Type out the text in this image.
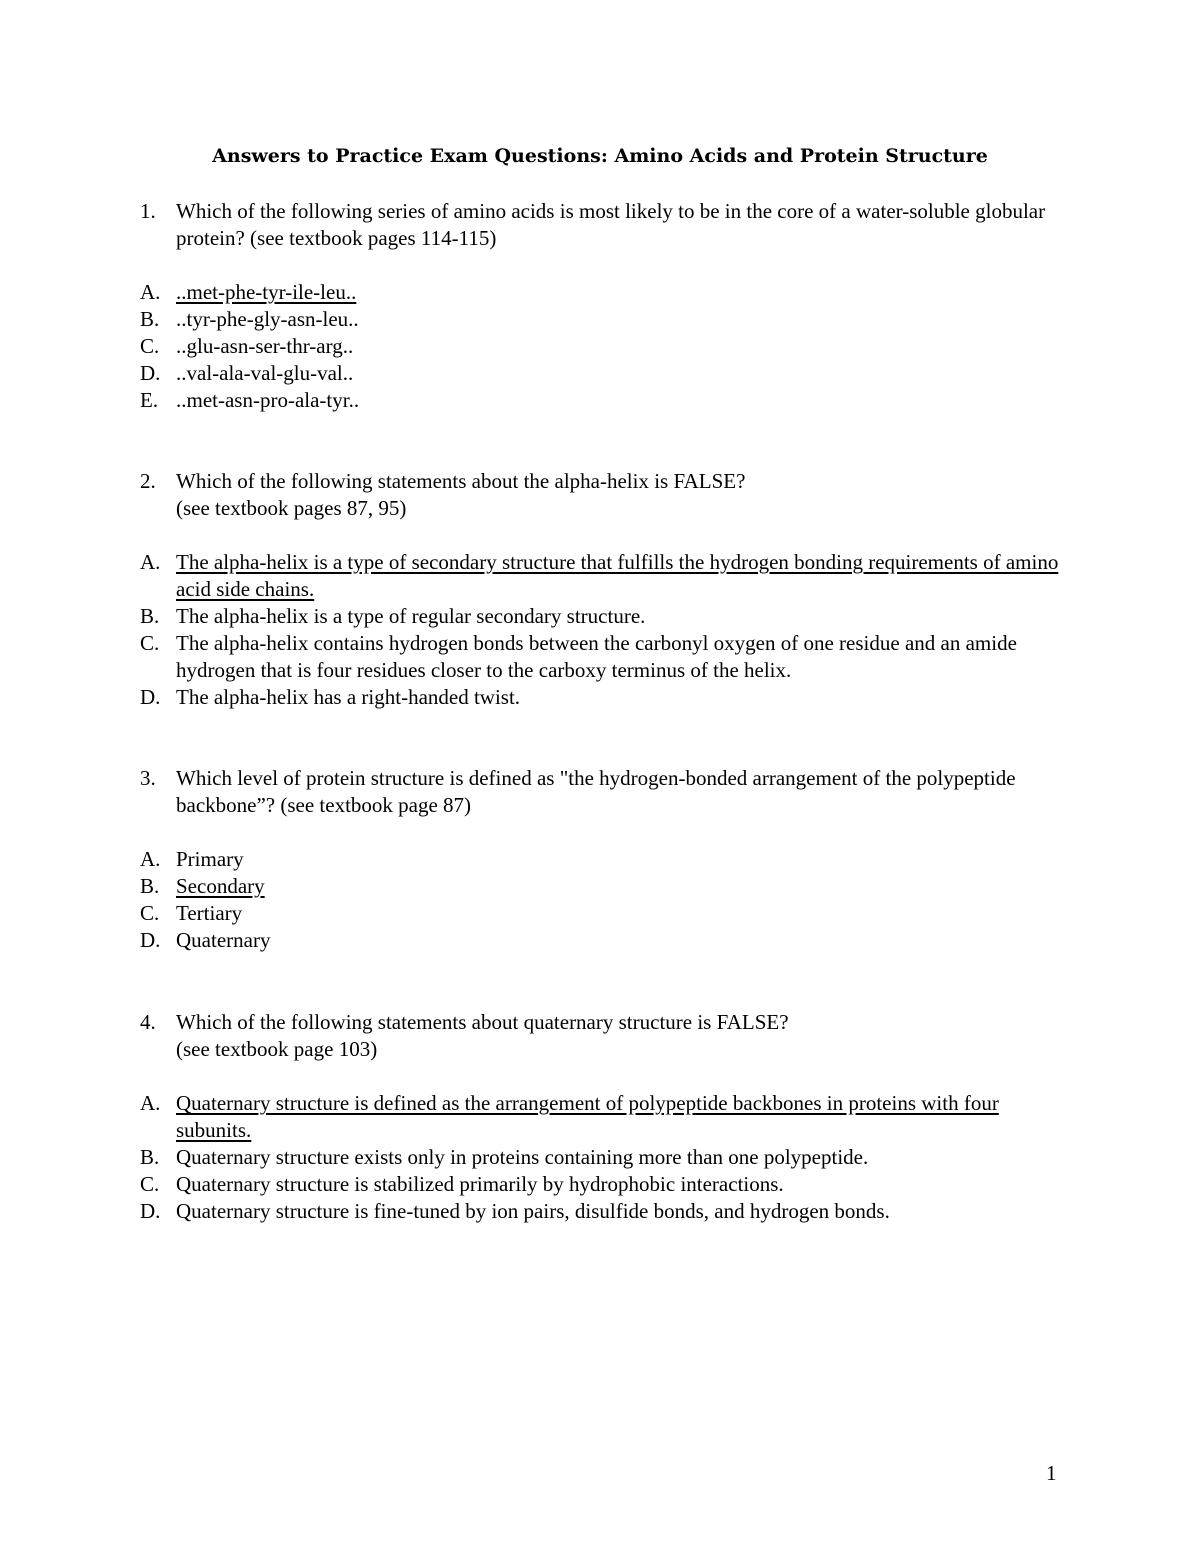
Answers to Practice Exam Questions: Amino Acids and Protein Structure
1. Which of the following series of amino acids is most likely to be in the core of a water-soluble globular protein? (see textbook pages 114-115)
A. ..met-phe-tyr-ile-leu..
B. ..tyr-phe-gly-asn-leu..
C. ..glu-asn-ser-thr-arg..
D. ..val-ala-val-glu-val..
E. ..met-asn-pro-ala-tyr..
2. Which of the following statements about the alpha-helix is FALSE?
(see textbook pages 87, 95)
A. The alpha-helix is a type of secondary structure that fulfills the hydrogen bonding requirements of amino acid side chains.
B. The alpha-helix is a type of regular secondary structure.
C. The alpha-helix contains hydrogen bonds between the carbonyl oxygen of one residue and an amide hydrogen that is four residues closer to the carboxy terminus of the helix.
D. The alpha-helix has a right-handed twist.
3. Which level of protein structure is defined as "the hydrogen-bonded arrangement of the polypeptide backbone”? (see textbook page 87)
A. Primary
B. Secondary
C. Tertiary
D. Quaternary
4. Which of the following statements about quaternary structure is FALSE?
(see textbook page 103)
A. Quaternary structure is defined as the arrangement of polypeptide backbones in proteins with four subunits.
B. Quaternary structure exists only in proteins containing more than one polypeptide.
C. Quaternary structure is stabilized primarily by hydrophobic interactions.
D. Quaternary structure is fine-tuned by ion pairs, disulfide bonds, and hydrogen bonds.
1
